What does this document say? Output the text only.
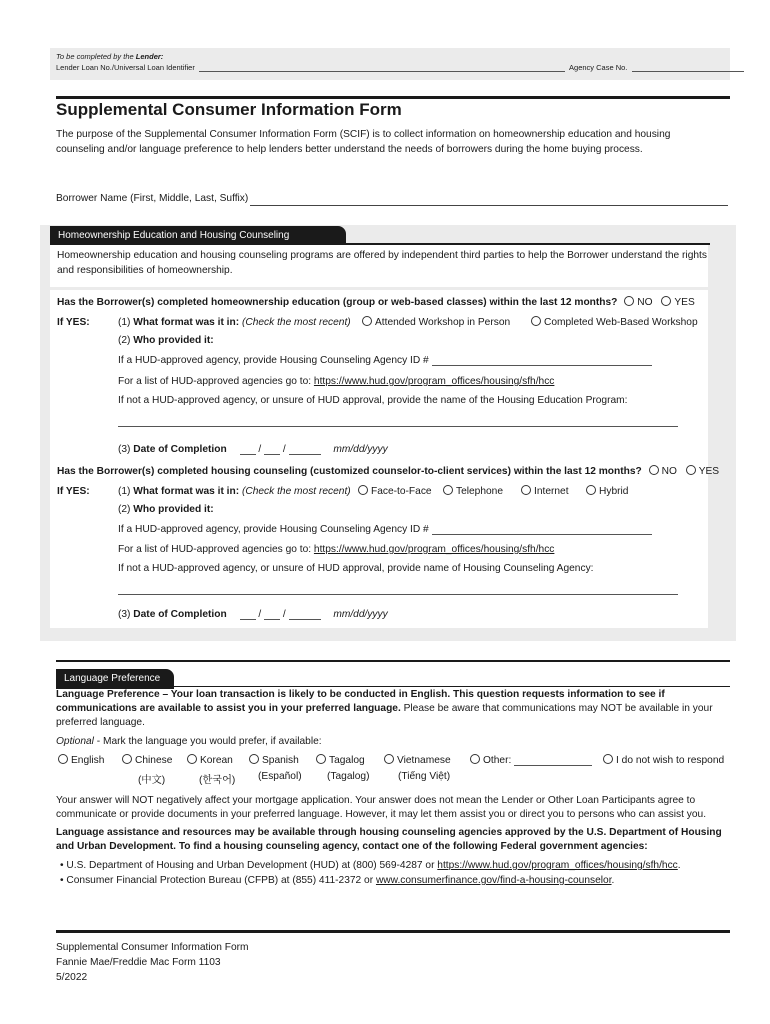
To be completed by the Lender:
Lender Loan No./Universal Loan Identifier	Agency Case No.
Supplemental Consumer Information Form
The purpose of the Supplemental Consumer Information Form (SCIF) is to collect information on homeownership education and housing counseling and/or language preference to help lenders better understand the needs of borrowers during the home buying process.
Borrower Name (First, Middle, Last, Suffix)
Homeownership Education and Housing Counseling
Homeownership education and housing counseling programs are offered by independent third parties to help the Borrower understand the rights and responsibilities of homeownership.
Has the Borrower(s) completed homeownership education (group or web-based classes) within the last 12 months? NO YES
If YES:	(1) What format was it in: (Check the most recent)	Attended Workshop in Person	Completed Web-Based Workshop
(2) Who provided it:
If a HUD-approved agency, provide Housing Counseling Agency ID #
For a list of HUD-approved agencies go to: https://www.hud.gov/program_offices/housing/sfh/hcc
If not a HUD-approved agency, or unsure of HUD approval, provide the name of the Housing Education Program:
(3) Date of Completion	/  /	mm/dd/yyyy
Has the Borrower(s) completed housing counseling (customized counselor-to-client services) within the last 12 months? NO YES
If YES:	(1) What format was it in: (Check the most recent)	Face-to-Face	Telephone	Internet	Hybrid
(2) Who provided it:
If a HUD-approved agency, provide Housing Counseling Agency ID #
For a list of HUD-approved agencies go to: https://www.hud.gov/program_offices/housing/sfh/hcc
If not a HUD-approved agency, or unsure of HUD approval, provide name of Housing Counseling Agency:
(3) Date of Completion	/  /	mm/dd/yyyy
Language Preference
Language Preference – Your loan transaction is likely to be conducted in English. This question requests information to see if communications are available to assist you in your preferred language. Please be aware that communications may NOT be available in your preferred language.
Optional - Mark the language you would prefer, if available:
English	Chinese
(中文)
Korean
(한국어)
Spanish
(Español)
Tagalog
(Tagalog)
Vietnamese
(Tiếng Việt)
Other:	I do not wish to respond
Your answer will NOT negatively affect your mortgage application. Your answer does not mean the Lender or Other Loan Participants agree to communicate or provide documents in your preferred language. However, it may let them assist you or direct you to persons who can assist you.
Language assistance and resources may be available through housing counseling agencies approved by the U.S. Department of Housing and Urban Development. To find a housing counseling agency, contact one of the following Federal government agencies:
• U.S. Department of Housing and Urban Development (HUD) at (800) 569-4287 or https://www.hud.gov/program_offices/housing/sfh/hcc.
• Consumer Financial Protection Bureau (CFPB) at (855) 411-2372 or www.consumerfinance.gov/find-a-housing-counselor.
Supplemental Consumer Information Form
Fannie Mae/Freddie Mac Form 1103
5/2022
